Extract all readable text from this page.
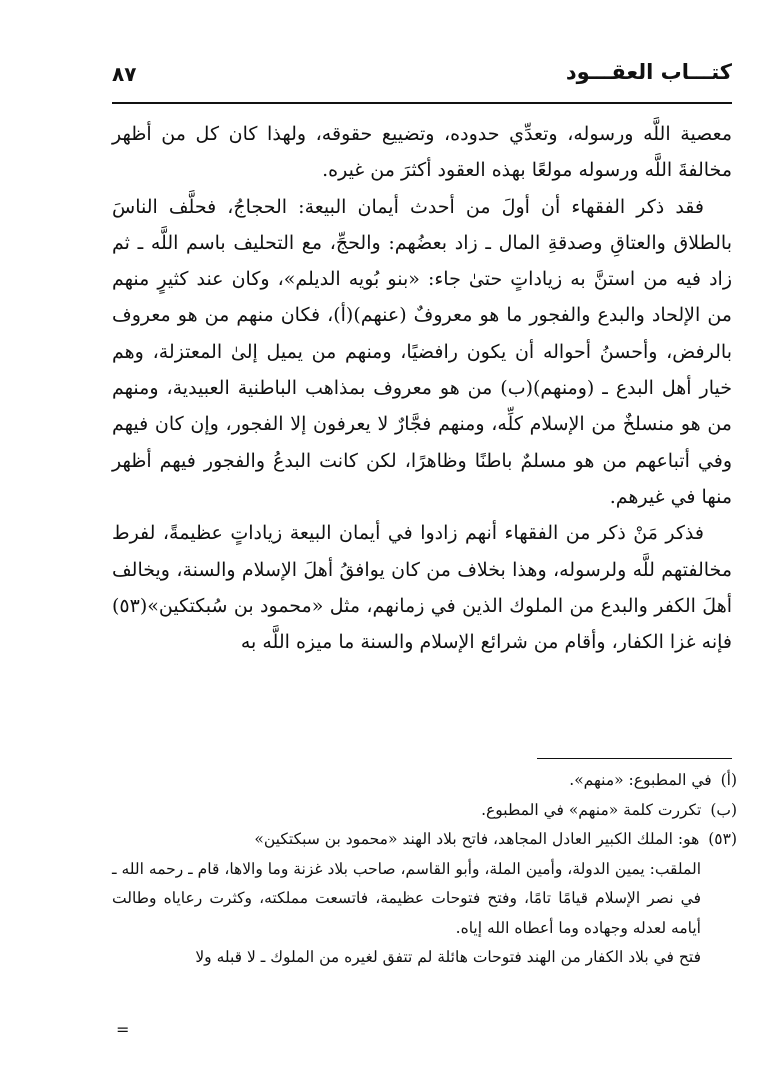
كتـــاب العقـــود
٨٧

معصية اللَّه ورسوله، وتعدِّي حدوده، وتضييع حقوقه، ولهذا كان كل من أظهر مخالفةَ اللَّه ورسوله مولعًا بهذه العقود أكثرَ من غيره.

فقد ذكر الفقهاء أن أولَ من أحدث أيمان البيعة: الحجاجُ، فحلَّف الناسَ بالطلاق والعتاقِ وصدقةِ المال ـ زاد بعضُهم: والحجِّ، مع التحليف باسم اللَّه ـ ثم زاد فيه من استنَّ به زياداتٍ حتىٰ جاء: «بنو بُويه الديلم»، وكان عند كثيرٍ منهم من الإلحاد والبدع والفجور ما هو معروفٌ (عنهم)(أ)، فكان منهم من هو معروف بالرفض، وأحسنُ أحواله أن يكون رافضيًا، ومنهم من يميل إلىٰ المعتزلة، وهم خيار أهل البدع ـ (ومنهم)(ب) من هو معروف بمذاهب الباطنية العبيدية، ومنهم من هو منسلخٌ من الإسلام كلِّه، ومنهم فجَّارٌ لا يعرفون إلا الفجور، وإن كان فيهم وفي أتباعهم من هو مسلمٌ باطنًا وظاهرًا، لكن كانت البدعُ والفجور فيهم أظهر منها في غيرهم.

فذكر مَنْ ذكر من الفقهاء أنهم زادوا في أيمان البيعة زياداتٍ عظيمةً، لفرط مخالفتهم للَّه ولرسوله، وهذا بخلاف من كان يوافقُ أهلَ الإسلام والسنة، ويخالف أهلَ الكفر والبدع من الملوك الذين في زمانهم، مثل «محمود بن سُبكتكين»(٥٣) فإنه غزا الكفار، وأقام من شرائع الإسلام والسنة ما ميزه اللَّه به

(أ) في المطبوع: «منهم».

(ب) تكررت كلمة «منهم» في المطبوع.

(٥٣) هو: الملك الكبير العادل المجاهد، فاتح بلاد الهند «محمود بن سبكتكين»

الملقب: يمين الدولة، وأمين الملة، وأبو القاسم، صاحب بلاد غزنة وما والاها، قام ـ رحمه الله ـ في نصر الإسلام قيامًا تامًا، وفتح فتوحات عظيمة، فاتسعت مملكته، وكثرت رعاياه وطالت أيامه لعدله وجهاده وما أعطاه الله إياه.

فتح في بلاد الكفار من الهند فتوحات هائلة لم تتفق لغيره من الملوك ـ لا قبله ولا

=
